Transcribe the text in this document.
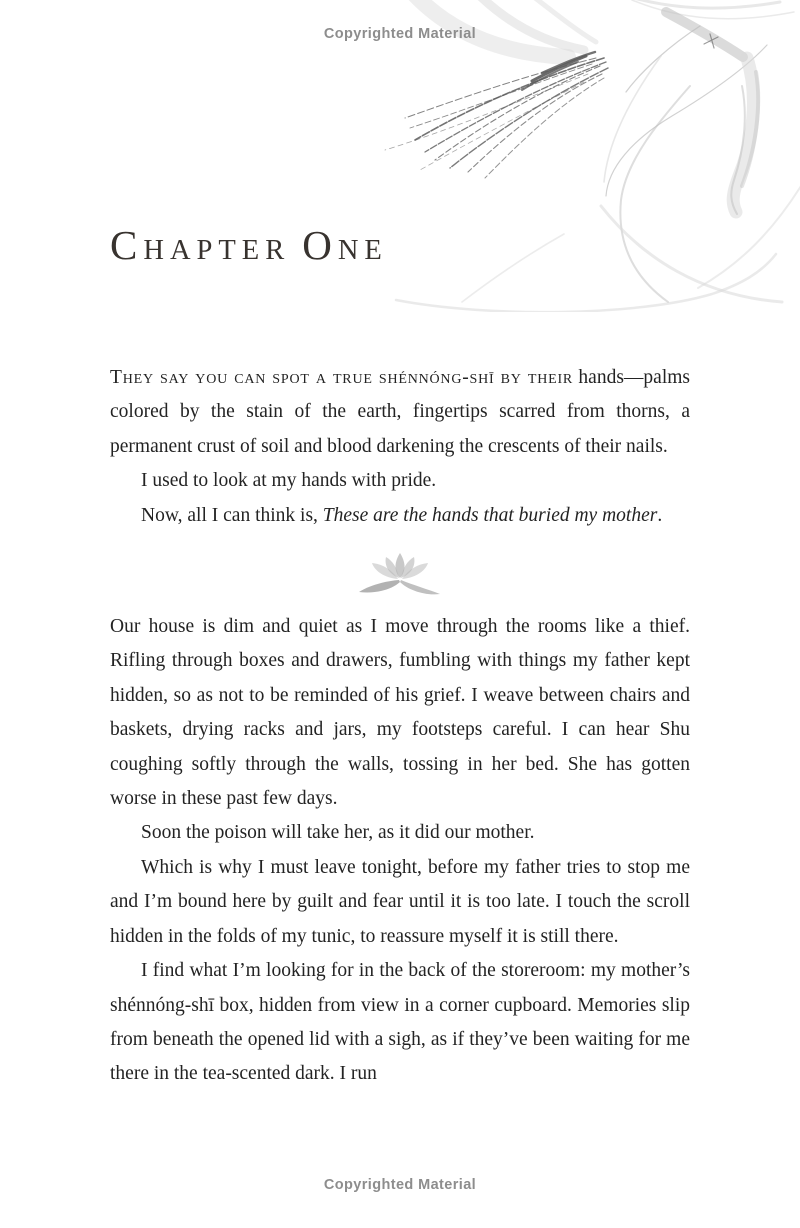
Copyrighted Material
CHAPTER ONE

They say you can spot a true shénnóng-shī by their hands—palms colored by the stain of the earth, fingertips scarred from thorns, a permanent crust of soil and blood darkening the crescents of their nails.

I used to look at my hands with pride.

Now, all I can think is, These are the hands that buried my mother.

Our house is dim and quiet as I move through the rooms like a thief. Rifling through boxes and drawers, fumbling with things my father kept hidden, so as not to be reminded of his grief. I weave between chairs and baskets, drying racks and jars, my footsteps careful. I can hear Shu coughing softly through the walls, tossing in her bed. She has gotten worse in these past few days.

Soon the poison will take her, as it did our mother.

Which is why I must leave tonight, before my father tries to stop me and I’m bound here by guilt and fear until it is too late. I touch the scroll hidden in the folds of my tunic, to reassure myself it is still there.

I find what I’m looking for in the back of the storeroom: my mother’s shénnóng-shī box, hidden from view in a corner cupboard. Memories slip from beneath the opened lid with a sigh, as if they’ve been waiting for me there in the tea-scented dark. I run

Copyrighted Material
